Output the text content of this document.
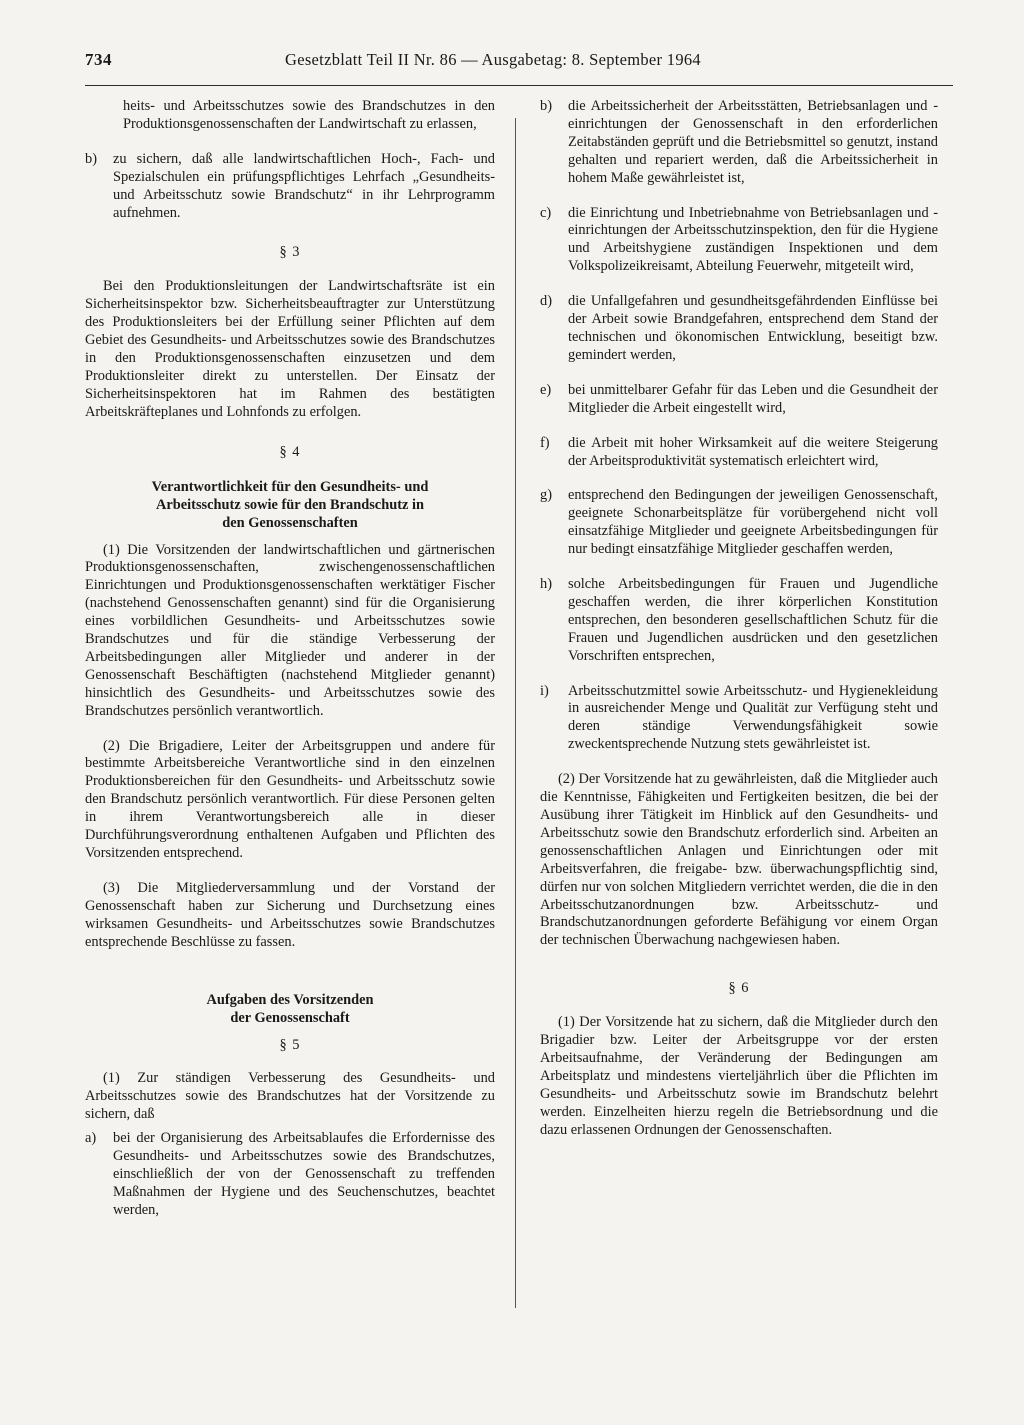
734	Gesetzblatt Teil II Nr. 86 — Ausgabetag: 8. September 1964

heits- und Arbeitsschutzes sowie des Brandschutzes in den Produktionsgenossenschaften der Landwirtschaft zu erlassen,

b)	zu sichern, daß alle landwirtschaftlichen Hoch-, Fach- und Spezialschulen ein prüfungspflichtiges Lehrfach „Gesundheits- und Arbeitsschutz sowie Brandschutz“ in ihr Lehrprogramm aufnehmen.
§ 3

Bei den Produktionsleitungen der Landwirtschaftsräte ist ein Sicherheitsinspektor bzw. Sicherheitsbeauftragter zur Unterstützung des Produktionsleiters bei der Erfüllung seiner Pflichten auf dem Gebiet des Gesundheits- und Arbeitsschutzes sowie des Brandschutzes in den Produktionsgenossenschaften einzusetzen und dem Produktionsleiter direkt zu unterstellen. Der Einsatz der Sicherheitsinspektoren hat im Rahmen des bestätigten Arbeitskräfteplanes und Lohnfonds zu erfolgen.

§ 4
Verantwortlichkeit für den Gesundheits- und
Arbeitsschutz sowie für den Brandschutz in
den Genossenschaften

(1) Die Vorsitzenden der landwirtschaftlichen und gärtnerischen Produktionsgenossenschaften, zwischengenossenschaftlichen Einrichtungen und Produktionsgenossenschaften werktätiger Fischer (nachstehend Genossenschaften genannt) sind für die Organisierung eines vorbildlichen Gesundheits- und Arbeitsschutzes sowie Brandschutzes und für die ständige Verbesserung der Arbeitsbedingungen aller Mitglieder und anderer in der Genossenschaft Beschäftigten (nachstehend Mitglieder genannt) hinsichtlich des Gesundheits- und Arbeitsschutzes sowie des Brandschutzes persönlich verantwortlich.

(2) Die Brigadiere, Leiter der Arbeitsgruppen und andere für bestimmte Arbeitsbereiche Verantwortliche sind in den einzelnen Produktionsbereichen für den Gesundheits- und Arbeitsschutz sowie den Brandschutz persönlich verantwortlich. Für diese Personen gelten in ihrem Verantwortungsbereich alle in dieser Durchführungsverordnung enthaltenen Aufgaben und Pflichten des Vorsitzenden entsprechend.

(3) Die Mitgliederversammlung und der Vorstand der Genossenschaft haben zur Sicherung und Durchsetzung eines wirksamen Gesundheits- und Arbeitsschutzes sowie Brandschutzes entsprechende Beschlüsse zu fassen.

Aufgaben des Vorsitzenden
der Genossenschaft
§ 5

(1) Zur ständigen Verbesserung des Gesundheits- und Arbeitsschutzes sowie des Brandschutzes hat der Vorsitzende zu sichern, daß

a)	bei der Organisierung des Arbeitsablaufes die Erfordernisse des Gesundheits- und Arbeitsschutzes sowie des Brandschutzes, einschließlich der von der Genossenschaft zu treffenden Maßnahmen der Hygiene und des Seuchenschutzes, beachtet werden,
b)	die Arbeitssicherheit der Arbeitsstätten, Betriebsanlagen und -einrichtungen der Genossenschaft in den erforderlichen Zeitabständen geprüft und die Betriebsmittel so genutzt, instand gehalten und repariert werden, daß die Arbeitssicherheit in hohem Maße gewährleistet ist,
c)	die Einrichtung und Inbetriebnahme von Betriebsanlagen und -einrichtungen der Arbeitsschutzinspektion, den für die Hygiene und Arbeitshygiene zuständigen Inspektionen und dem Volkspolizeikreisamt, Abteilung Feuerwehr, mitgeteilt wird,
d)	die Unfallgefahren und gesundheitsgefährdenden Einflüsse bei der Arbeit sowie Brandgefahren, entsprechend dem Stand der technischen und ökonomischen Entwicklung, beseitigt bzw. gemindert werden,
e)	bei unmittelbarer Gefahr für das Leben und die Gesundheit der Mitglieder die Arbeit eingestellt wird,
f)	die Arbeit mit hoher Wirksamkeit auf die weitere Steigerung der Arbeitsproduktivität systematisch erleichtert wird,
g)	entsprechend den Bedingungen der jeweiligen Genossenschaft, geeignete Schonarbeitsplätze für vorübergehend nicht voll einsatzfähige Mitglieder und geeignete Arbeitsbedingungen für nur bedingt einsatzfähige Mitglieder geschaffen werden,
h)	solche Arbeitsbedingungen für Frauen und Jugendliche geschaffen werden, die ihrer körperlichen Konstitution entsprechen, den besonderen gesellschaftlichen Schutz für die Frauen und Jugendlichen ausdrücken und den gesetzlichen Vorschriften entsprechen,
i)	Arbeitsschutzmittel sowie Arbeitsschutz- und Hygienekleidung in ausreichender Menge und Qualität zur Verfügung steht und deren ständige Verwendungsfähigkeit sowie zweckentsprechende Nutzung stets gewährleistet ist.

(2) Der Vorsitzende hat zu gewährleisten, daß die Mitglieder auch die Kenntnisse, Fähigkeiten und Fertigkeiten besitzen, die bei der Ausübung ihrer Tätigkeit im Hinblick auf den Gesundheits- und Arbeitsschutz sowie den Brandschutz erforderlich sind. Arbeiten an genossenschaftlichen Anlagen und Einrichtungen oder mit Arbeitsverfahren, die freigabe- bzw. überwachungspflichtig sind, dürfen nur von solchen Mitgliedern verrichtet werden, die die in den Arbeitsschutzanordnungen bzw. Arbeitsschutz- und Brandschutzanordnungen geforderte Befähigung vor einem Organ der technischen Überwachung nachgewiesen haben.

§ 6

(1) Der Vorsitzende hat zu sichern, daß die Mitglieder durch den Brigadier bzw. Leiter der Arbeitsgruppe vor der ersten Arbeitsaufnahme, der Veränderung der Bedingungen am Arbeitsplatz und mindestens vierteljährlich über die Pflichten im Gesundheits- und Arbeitsschutz sowie im Brandschutz belehrt werden. Einzelheiten hierzu regeln die Betriebsordnung und die dazu erlassenen Ordnungen der Genossenschaften.
